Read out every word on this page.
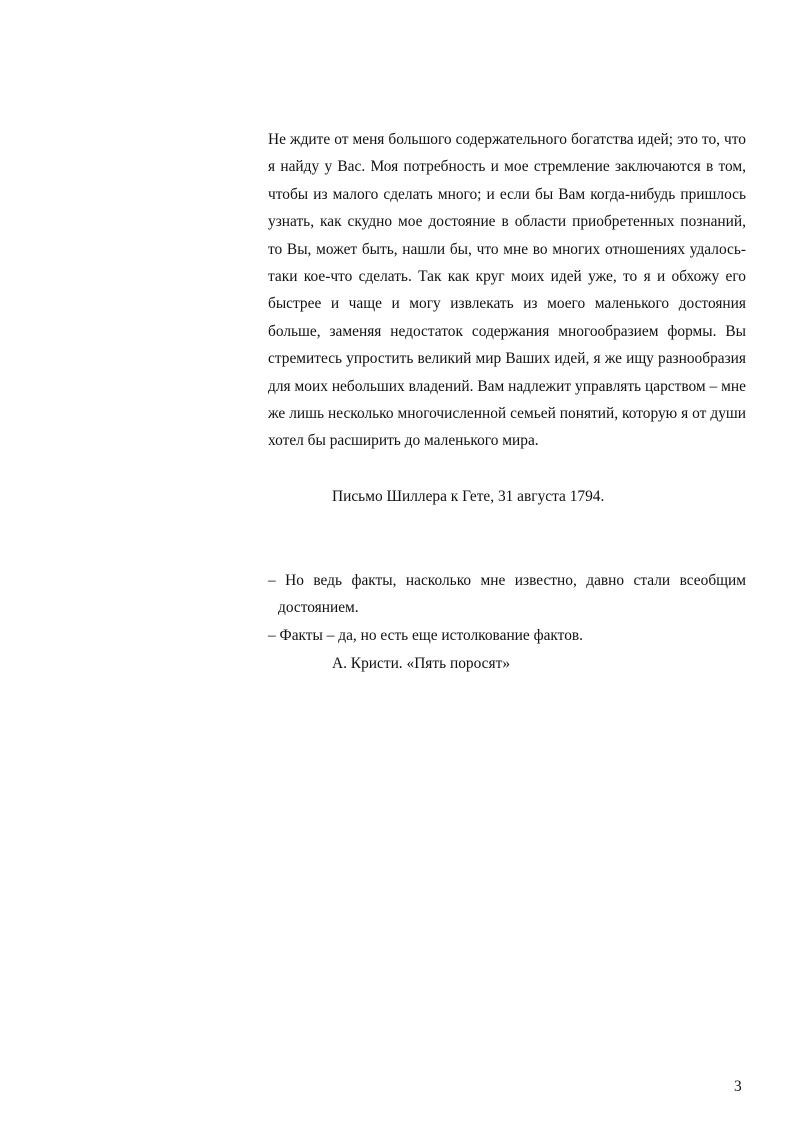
Не ждите от меня большого содержательного богатства идей; это то, что я найду у Вас. Моя потребность и мое стремление заключаются в том, чтобы из малого сделать много; и если бы Вам когда-нибудь пришлось узнать, как скудно мое достояние в области приобретенных познаний, то Вы, может быть, нашли бы, что мне во многих отношениях удалось-таки кое-что сделать. Так как круг моих идей уже, то я и обхожу его быстрее и чаще и могу извлекать из моего маленького достояния больше, заменяя недостаток содержания многообразием формы. Вы стремитесь упростить великий мир Ваших идей, я же ищу разнообразия для моих небольших владений. Вам надлежит управлять царством – мне же лишь несколько многочисленной семьей понятий, которую я от души хотел бы расширить до маленького мира.

Письмо Шиллера к Гете, 31 августа 1794.

– Но ведь факты, насколько мне известно, давно стали всеобщим достоянием.

– Факты – да, но есть еще истолкование фактов.

А. Кристи. «Пять поросят»
3
